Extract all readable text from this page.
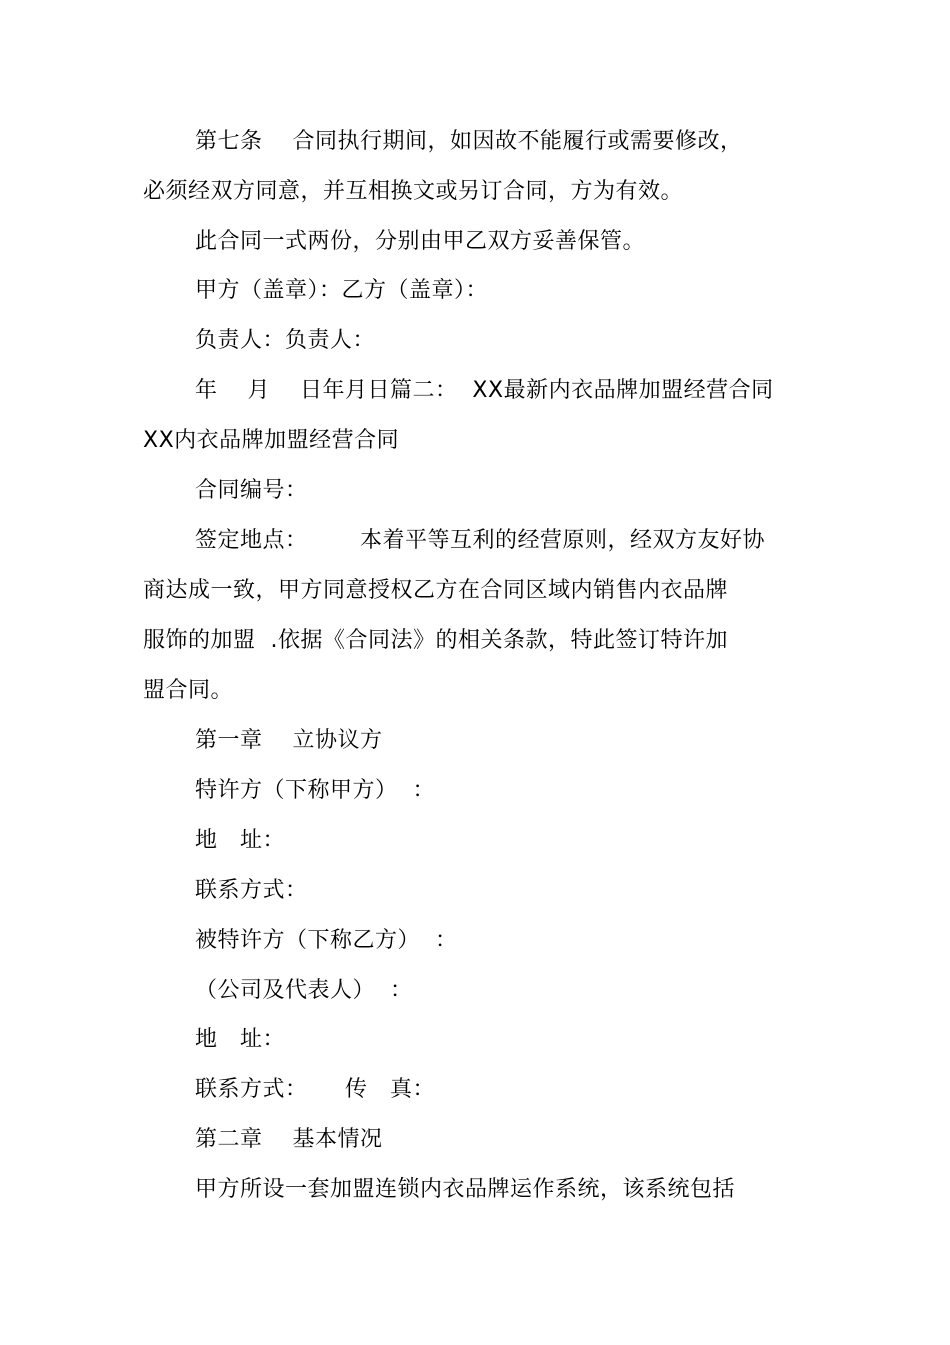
第七条    合同执行期间，如因故不能履行或需要修改，
必须经双方同意，并互相换文或另订合同，方为有效。
此合同一式两份，分别由甲乙双方妥善保管。
甲方（盖章）：乙方（盖章）：
负责人：负责人：
年    月    日年月日篇二：  XX最新内衣品牌加盟经营合同
XX内衣品牌加盟经营合同
合同编号：
签定地点：       本着平等互利的经营原则，经双方友好协
商达成一致，甲方同意授权乙方在合同区域内销售内衣品牌
服饰的加盟  .依据《合同法》的相关条款，特此签订特许加
盟合同。
第一章    立协议方
特许方（下称甲方）  ：
地   址：
联系方式：
被特许方（下称乙方）  ：
（公司及代表人）  ：
地   址：
联系方式：     传   真：
第二章    基本情况
甲方所设一套加盟连锁内衣品牌运作系统，该系统包括
